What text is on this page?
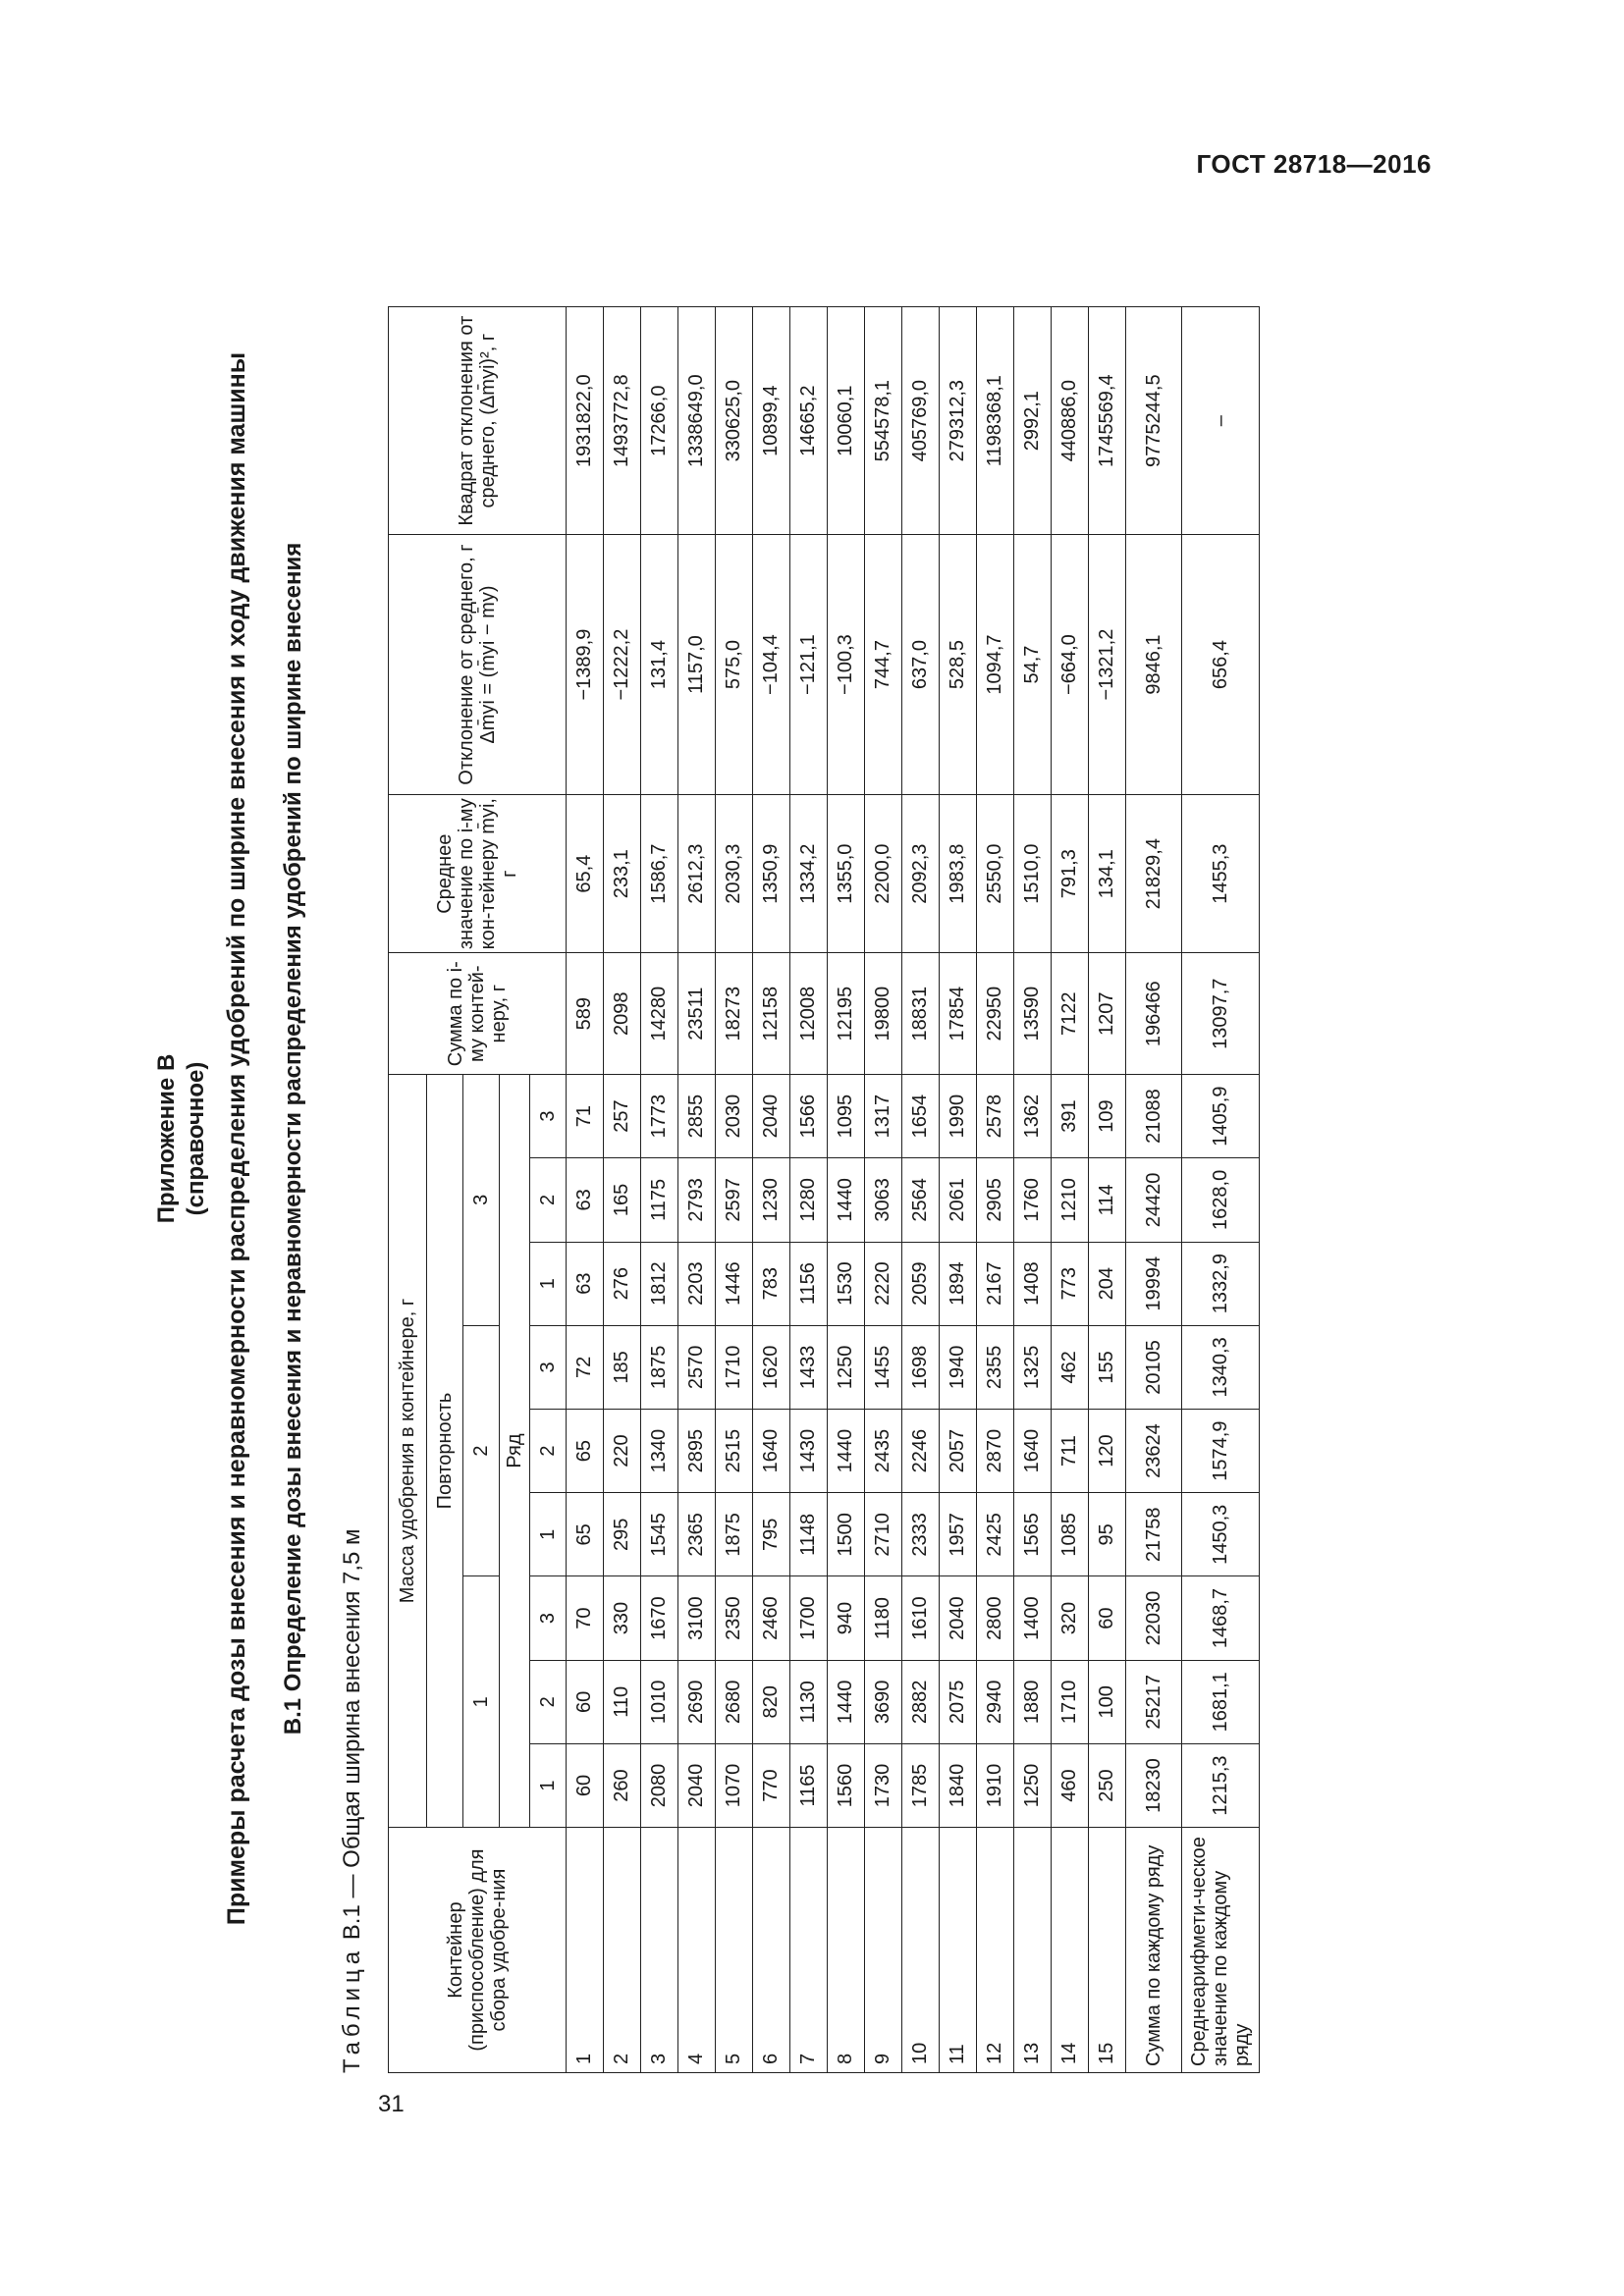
ГОСТ 28718—2016
31
Приложение В (справочное) Примеры расчета дозы внесения и неравномерности распределения удобрений по ширине внесения и ходу движения машины В.1 Определение дозы внесения и неравномерности распределения удобрений по ширине внесения
Таблица В.1 — Общая ширина внесения 7,5 м
Контейнер (приспособление) для сбора удобре-ния	Масса удобрения в контейнере, г									Сумма по i-му контей-неру, г	Среднее значение по i-му кон-тейнеру m̄yi, г	Отклонение от среднего, г Δm̄yi = (m̄yi − m̄y)	Квадрат отклонения от среднего, (Δm̄yi)², г
	Повторность												
	1			2			3						
	Ряд												
	1	2	3	1	2	3	1	2	3				
1	60	60	70	65	65	72	63	63	71	589	65,4	−1389,9	1931822,0
2	260	110	330	295	220	185	276	165	257	2098	233,1	−1222,2	1493772,8
3	2080	1010	1670	1545	1340	1875	1812	1175	1773	14280	1586,7	131,4	17266,0
4	2040	2690	3100	2365	2895	2570	2203	2793	2855	23511	2612,3	1157,0	1338649,0
5	1070	2680	2350	1875	2515	1710	1446	2597	2030	18273	2030,3	575,0	330625,0
6	770	820	2460	795	1640	1620	783	1230	2040	12158	1350,9	−104,4	10899,4
7	1165	1130	1700	1148	1430	1433	1156	1280	1566	12008	1334,2	−121,1	14665,2
8	1560	1440	940	1500	1440	1250	1530	1440	1095	12195	1355,0	−100,3	10060,1
9	1730	3690	1180	2710	2435	1455	2220	3063	1317	19800	2200,0	744,7	554578,1
10	1785	2882	1610	2333	2246	1698	2059	2564	1654	18831	2092,3	637,0	405769,0
11	1840	2075	2040	1957	2057	1940	1894	2061	1990	17854	1983,8	528,5	279312,3
12	1910	2940	2800	2425	2870	2355	2167	2905	2578	22950	2550,0	1094,7	1198368,1
13	1250	1880	1400	1565	1640	1325	1408	1760	1362	13590	1510,0	54,7	2992,1
14	460	1710	320	1085	711	462	773	1210	391	7122	791,3	−664,0	440886,0
15	250	100	60	95	120	155	204	114	109	1207	134,1	−1321,2	1745569,4
Сумма по каждому ряду	18230	25217	22030	21758	23624	20105	19994	24420	21088	196466	21829,4	9846,1	9775244,5
Среднеарифмети-ческое значение по каждому ряду	1215,3	1681,1	1468,7	1450,3	1574,9	1340,3	1332,9	1628,0	1405,9	13097,7	1455,3	656,4	–
